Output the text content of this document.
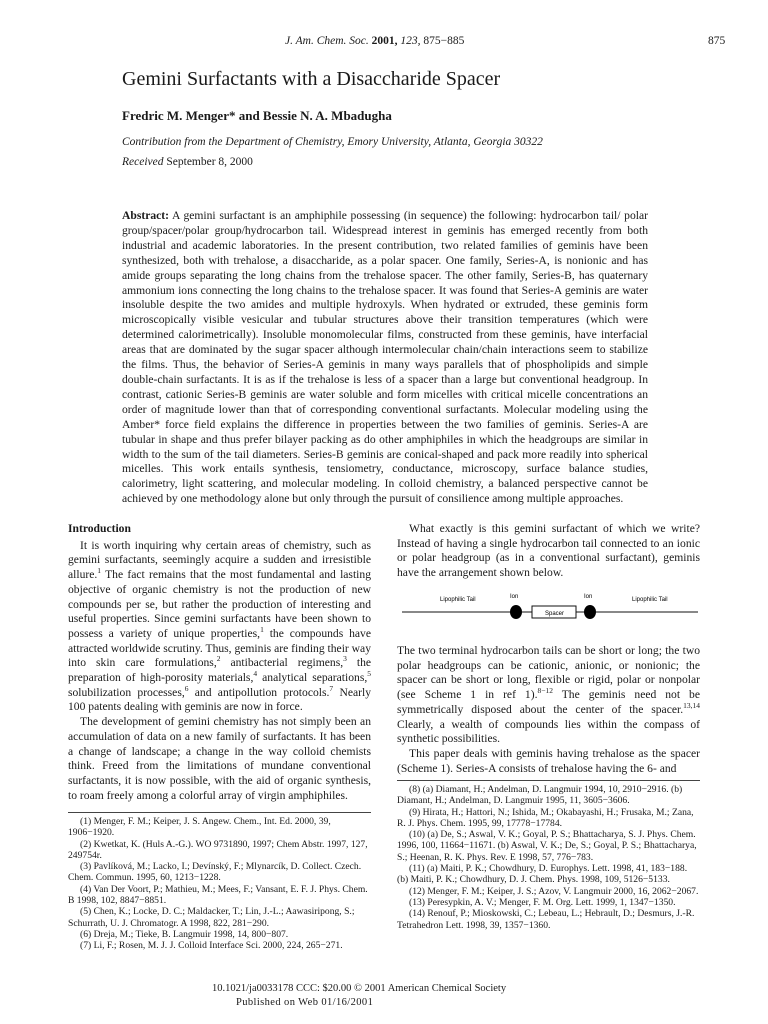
J. Am. Chem. Soc. 2001, 123, 875−885	875
Gemini Surfactants with a Disaccharide Spacer
Fredric M. Menger* and Bessie N. A. Mbadugha
Contribution from the Department of Chemistry, Emory University, Atlanta, Georgia 30322
Received September 8, 2000
Abstract: A gemini surfactant is an amphiphile possessing (in sequence) the following: hydrocarbon tail/ polar group/spacer/polar group/hydrocarbon tail. Widespread interest in geminis has emerged recently from both industrial and academic laboratories. In the present contribution, two related families of geminis have been synthesized, both with trehalose, a disaccharide, as a polar spacer. One family, Series-A, is nonionic and has amide groups separating the long chains from the trehalose spacer. The other family, Series-B, has quaternary ammonium ions connecting the long chains to the trehalose spacer. It was found that Series-A geminis are water insoluble despite the two amides and multiple hydroxyls. When hydrated or extruded, these geminis form microscopically visible vesicular and tubular structures above their transition temperatures (which were determined calorimetrically). Insoluble monomolecular films, constructed from these geminis, have interfacial areas that are dominated by the sugar spacer although intermolecular chain/chain interactions seem to stabilize the films. Thus, the behavior of Series-A geminis in many ways parallels that of phospholipids and simple double-chain surfactants. It is as if the trehalose is less of a spacer than a large but conventional headgroup. In contrast, cationic Series-B geminis are water soluble and form micelles with critical micelle concentrations an order of magnitude lower than that of corresponding conventional surfactants. Molecular modeling using the Amber* force field explains the difference in properties between the two families of geminis. Series-A are tubular in shape and thus prefer bilayer packing as do other amphiphiles in which the headgroups are similar in width to the sum of the tail diameters. Series-B geminis are conical-shaped and pack more readily into spherical micelles. This work entails synthesis, tensiometry, conductance, microscopy, surface balance studies, calorimetry, light scattering, and molecular modeling. In colloid chemistry, a balanced perspective cannot be achieved by one methodology alone but only through the pursuit of consilience among multiple approaches.
Introduction

It is worth inquiring why certain areas of chemistry, such as gemini surfactants, seemingly acquire a sudden and irresistible allure.$^1$ The fact remains that the most fundamental and lasting objective of organic chemistry is not the production of new compounds per se, but rather the production of interesting and useful properties. Since gemini surfactants have been shown to possess a variety of unique properties,$^1$ the compounds have attracted worldwide scrutiny. Thus, geminis are finding their way into skin care formulations,$^2$ antibacterial regimens,$^3$ the preparation of high-porosity materials,$^4$ analytical separations,$^5$ solubilization processes,$^6$ and antipollution protocols.$^7$ Nearly 100 patents dealing with geminis are now in force.

The development of gemini chemistry has not simply been an accumulation of data on a new family of surfactants. It has been a change of landscape; a change in the way colloid chemists think. Freed from the limitations of mundane conventional surfactants, it is now possible, with the aid of organic synthesis, to roam freely among a colorful array of virgin amphiphiles.

What exactly is this gemini surfactant of which we write? Instead of having a single hydrocarbon tail connected to an ionic or polar headgroup (as in a conventional surfactant), geminis have the arrangement shown below.

Lipophilic Tail	Ion	Ion	Lipophilic Tail
Spacer

The two terminal hydrocarbon tails can be short or long; the two polar headgroups can be cationic, anionic, or nonionic; the spacer can be short or long, flexible or rigid, polar or nonpolar (see Scheme 1 in ref 1).$^{8-12}$ The geminis need not be symmetrically disposed about the center of the spacer.$^{13,14}$ Clearly, a wealth of compounds lies within the compass of synthetic possibilities.

This paper deals with geminis having trehalose as the spacer (Scheme 1). Series-A consists of trehalose having the 6- and

(1) Menger, F. M.; Keiper, J. S. Angew. Chem., Int. Ed. 2000, 39, 1906−1920.
(2) Kwetkat, K. (Huls A.-G.). WO 9731890, 1997; Chem Abstr. 1997, 127, 249754r.
(3) Pavlíková, M.; Lacko, I.; Devínský, F.; Mlynarcík, D. Collect. Czech. Chem. Commun. 1995, 60, 1213−1228.
(4) Van Der Voort, P.; Mathieu, M.; Mees, F.; Vansant, E. F. J. Phys. Chem. B 1998, 102, 8847−8851.
(5) Chen, K.; Locke, D. C.; Maldacker, T.; Lin, J.-L.; Aawasiripong, S.; Schurrath, U. J. Chromatogr. A 1998, 822, 281−290.
(6) Dreja, M.; Tieke, B. Langmuir 1998, 14, 800−807.
(7) Li, F.; Rosen, M. J. J. Colloid Interface Sci. 2000, 224, 265−271.
(8) (a) Diamant, H.; Andelman, D. Langmuir 1994, 10, 2910−2916. (b) Diamant, H.; Andelman, D. Langmuir 1995, 11, 3605−3606.
(9) Hirata, H.; Hattori, N.; Ishida, M.; Okabayashi, H.; Frusaka, M.; Zana, R. J. Phys. Chem. 1995, 99, 17778−17784.
(10) (a) De, S.; Aswal, V. K.; Goyal, P. S.; Bhattacharya, S. J. Phys. Chem. 1996, 100, 11664−11671. (b) Aswal, V. K.; De, S.; Goyal, P. S.; Bhattacharya, S.; Heenan, R. K. Phys. Rev. E 1998, 57, 776−783.
(11) (a) Maiti, P. K.; Chowdhury, D. Europhys. Lett. 1998, 41, 183−188. (b) Maiti, P. K.; Chowdhury, D. J. Chem. Phys. 1998, 109, 5126−5133.
(12) Menger, F. M.; Keiper, J. S.; Azov, V. Langmuir 2000, 16, 2062−2067.
(13) Peresypkin, A. V.; Menger, F. M. Org. Lett. 1999, 1, 1347−1350.
(14) Renouf, P.; Mioskowski, C.; Lebeau, L.; Hebrault, D.; Desmurs, J.-R. Tetrahedron Lett. 1998, 39, 1357−1360.
10.1021/ja0033178 CCC: $20.00 © 2001 American Chemical Society
Published on Web 01/16/2001
